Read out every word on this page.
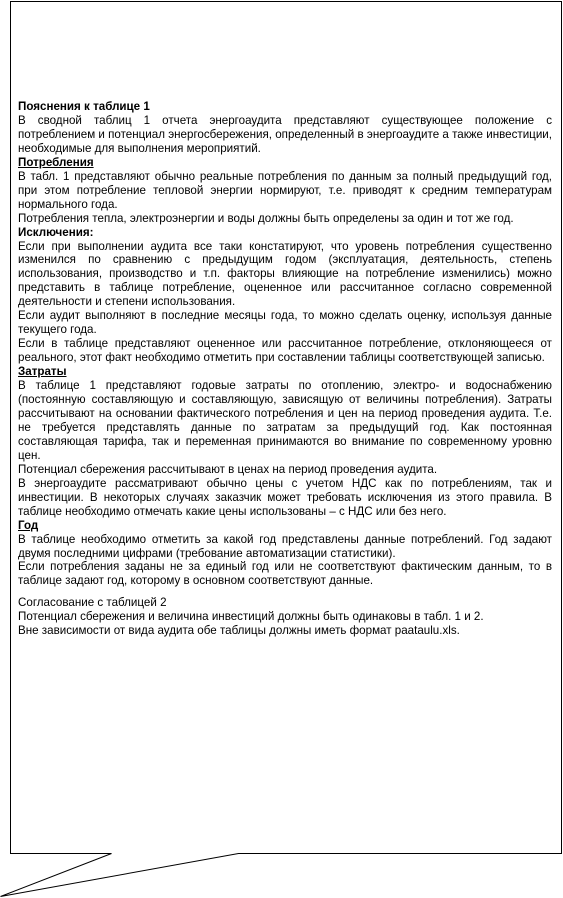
Пояснения к таблице 1

В сводной таблиц 1 отчета энергоаудита представляют существующее положение с потреблением и потенциал энергосбережения, определенный в энергоаудите а также инвестиции, необходимые для выполнения мероприятий.

Потребления

В табл. 1 представляют обычно реальные потребления по данным за полный предыдущий год, при этом потребление тепловой энергии нормируют, т.е. приводят к средним температурам нормального года.

Потребления тепла, электроэнергии и воды должны быть определены за один и тот же год.

Исключения:

Если при выполнении аудита все таки констатируют, что уровень потребления существенно изменился по сравнению с предыдущим годом (эксплуатация, деятельность, степень использования, производство и т.п. факторы влияющие на потребление изменились) можно представить в таблице потребление, оцененное или рассчитанное согласно современной деятельности и степени использования.

Если аудит выполняют в последние месяцы года, то можно сделать оценку, используя данные текущего года.

Если в таблице представляют оцененное или рассчитанное потребление, отклоняющееся от реального, этот факт необходимо отметить при составлении таблицы соответствующей записью.

Затраты

В таблице 1 представляют годовые затраты по отоплению, электро- и водоснабжению (постоянную составляющую и составляющую, зависящую от величины потребления). Затраты рассчитывают на основании фактического потребления и цен на период проведения аудита. Т.е. не требуется представлять данные по затратам за предыдущий год. Как постоянная составляющая тарифа, так и переменная принимаются во внимание по современному уровню цен.

Потенциал сбережения рассчитывают в ценах на период проведения аудита.

В энергоаудите рассматривают обычно цены с учетом НДС как по потреблениям, так и инвестиции. В некоторых случаях заказчик может требовать исключения из этого правила. В таблице необходимо отмечать какие цены использованы – с НДС или без него.

Год

В таблице необходимо отметить за какой год представлены данные потреблений. Год задают двумя последними цифрами (требование автоматизации статистики).

Если потребления заданы не за единый год или не соответствуют фактическим данным, то в таблице задают год, которому в основном соответствуют данные.

Согласование с таблицей 2

Потенциал сбережения и величина инвестиций должны быть одинаковы в табл. 1 и 2.

Вне зависимости от вида аудита обе таблицы должны иметь формат paataulu.xls.
